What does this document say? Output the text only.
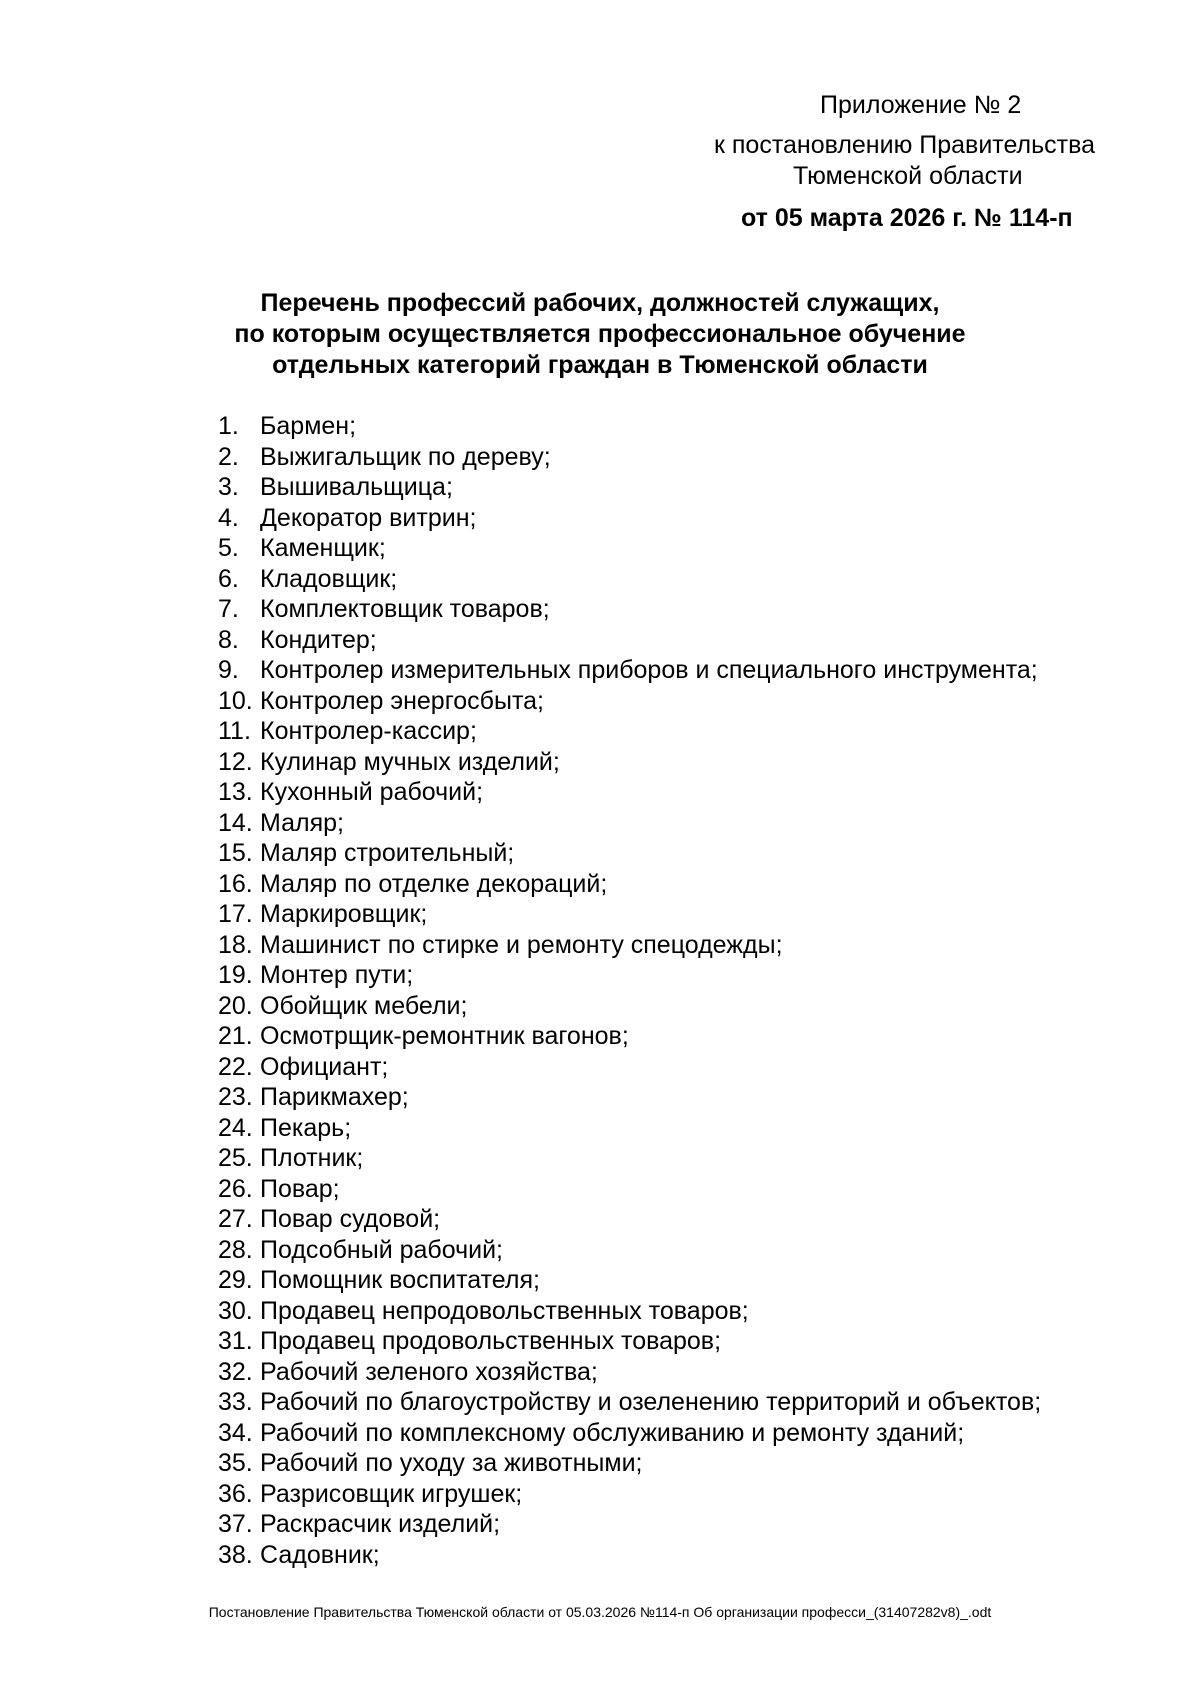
Приложение № 2
к постановлению Правительства
Тюменской области
от 05 марта 2026 г. № 114-п
Перечень профессий рабочих, должностей служащих,
по которым осуществляется профессиональное обучение
отдельных категорий граждан в Тюменской области
1. Бармен;
2. Выжигальщик по дереву;
3. Вышивальщица;
4. Декоратор витрин;
5. Каменщик;
6. Кладовщик;
7. Комплектовщик товаров;
8. Кондитер;
9. Контролер измерительных приборов и специального инструмента;
10. Контролер энергосбыта;
11. Контролер-кассир;
12. Кулинар мучных изделий;
13. Кухонный рабочий;
14. Маляр;
15. Маляр строительный;
16. Маляр по отделке декораций;
17. Маркировщик;
18. Машинист по стирке и ремонту спецодежды;
19. Монтер пути;
20. Обойщик мебели;
21. Осмотрщик-ремонтник вагонов;
22. Официант;
23. Парикмахер;
24. Пекарь;
25. Плотник;
26. Повар;
27. Повар судовой;
28. Подсобный рабочий;
29. Помощник воспитателя;
30. Продавец непродовольственных товаров;
31. Продавец продовольственных товаров;
32. Рабочий зеленого хозяйства;
33. Рабочий по благоустройству и озеленению территорий и объектов;
34. Рабочий по комплексному обслуживанию и ремонту зданий;
35. Рабочий по уходу за животными;
36. Разрисовщик игрушек;
37. Раскрасчик изделий;
38. Садовник;
Постановление Правительства Тюменской области от 05.03.2026 №114-п Об организации професси_(31407282v8)_.odt
